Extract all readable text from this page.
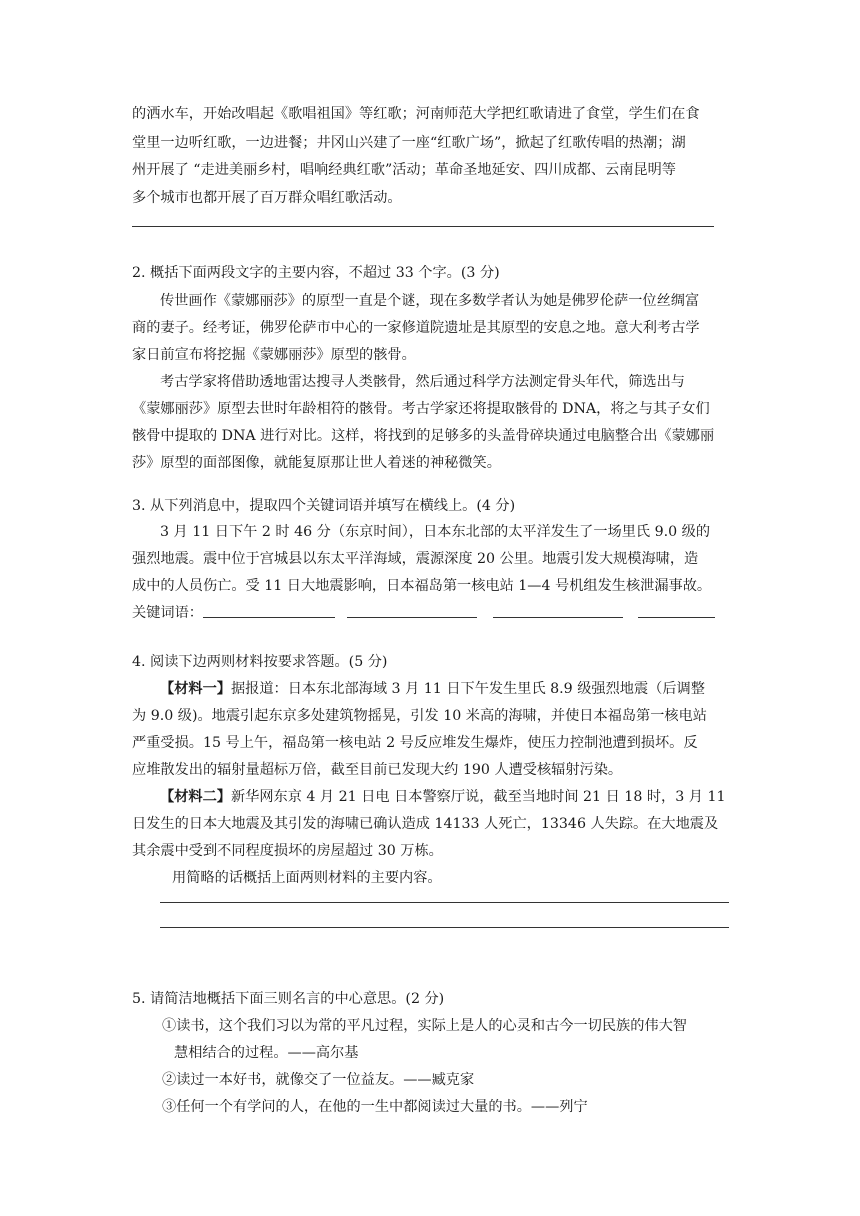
的洒水车，开始改唱起《歌唱祖国》等红歌；河南师范大学把红歌请进了食堂，学生们在食
堂里一边听红歌，一边进餐；井冈山兴建了一座“红歌广场”，掀起了红歌传唱的热潮；湖
州开展了 “走进美丽乡村，唱响经典红歌”活动；革命圣地延安、四川成都、云南昆明等
多个城市也都开展了百万群众唱红歌活动。
2. 概括下面两段文字的主要内容，不超过 33 个字。(3 分)
传世画作《蒙娜丽莎》的原型一直是个谜，现在多数学者认为她是佛罗伦萨一位丝绸富
商的妻子。经考证，佛罗伦萨市中心的一家修道院遗址是其原型的安息之地。意大利考古学
家日前宣布将挖掘《蒙娜丽莎》原型的骸骨。
考古学家将借助透地雷达搜寻人类骸骨，然后通过科学方法测定骨头年代，筛选出与
《蒙娜丽莎》原型去世时年龄相符的骸骨。考古学家还将提取骸骨的 DNA，将之与其子女们
骸骨中提取的 DNA 进行对比。这样，将找到的足够多的头盖骨碎块通过电脑整合出《蒙娜丽
莎》原型的面部图像，就能复原那让世人着迷的神秘微笑。
3. 从下列消息中，提取四个关键词语并填写在横线上。(4 分)
3 月 11 日下午 2 时 46 分（东京时间），日本东北部的太平洋发生了一场里氏 9.0 级的
强烈地震。震中位于宫城县以东太平洋海域，震源深度 20 公里。地震引发大规模海啸，造
成中的人员伤亡。受 11 日大地震影响，日本福岛第一核电站 1—4 号机组发生核泄漏事故。
关键词语：
4. 阅读下边两则材料按要求答题。(5 分)
【材料一】据报道：日本东北部海域 3 月 11 日下午发生里氏 8.9 级强烈地震（后调整
为 9.0 级)。地震引起东京多处建筑物摇晃，引发 10 米高的海啸，并使日本福岛第一核电站
严重受损。15 号上午，福岛第一核电站 2 号反应堆发生爆炸，使压力控制池遭到损坏。反
应堆散发出的辐射量超标万倍，截至目前已发现大约 190 人遭受核辐射污染。
【材料二】新华网东京 4 月 21 日电 日本警察厅说，截至当地时间 21 日 18 时，3 月 11
日发生的日本大地震及其引发的海啸已确认造成 14133 人死亡，13346 人失踪。在大地震及
其余震中受到不同程度损坏的房屋超过 30 万栋。
用简略的话概括上面两则材料的主要内容。
5. 请简洁地概括下面三则名言的中心意思。(2 分)
①读书，这个我们习以为常的平凡过程，实际上是人的心灵和古今一切民族的伟大智
慧相结合的过程。——高尔基
②读过一本好书，就像交了一位益友。——臧克家
③任何一个有学问的人，在他的一生中都阅读过大量的书。——列宁
